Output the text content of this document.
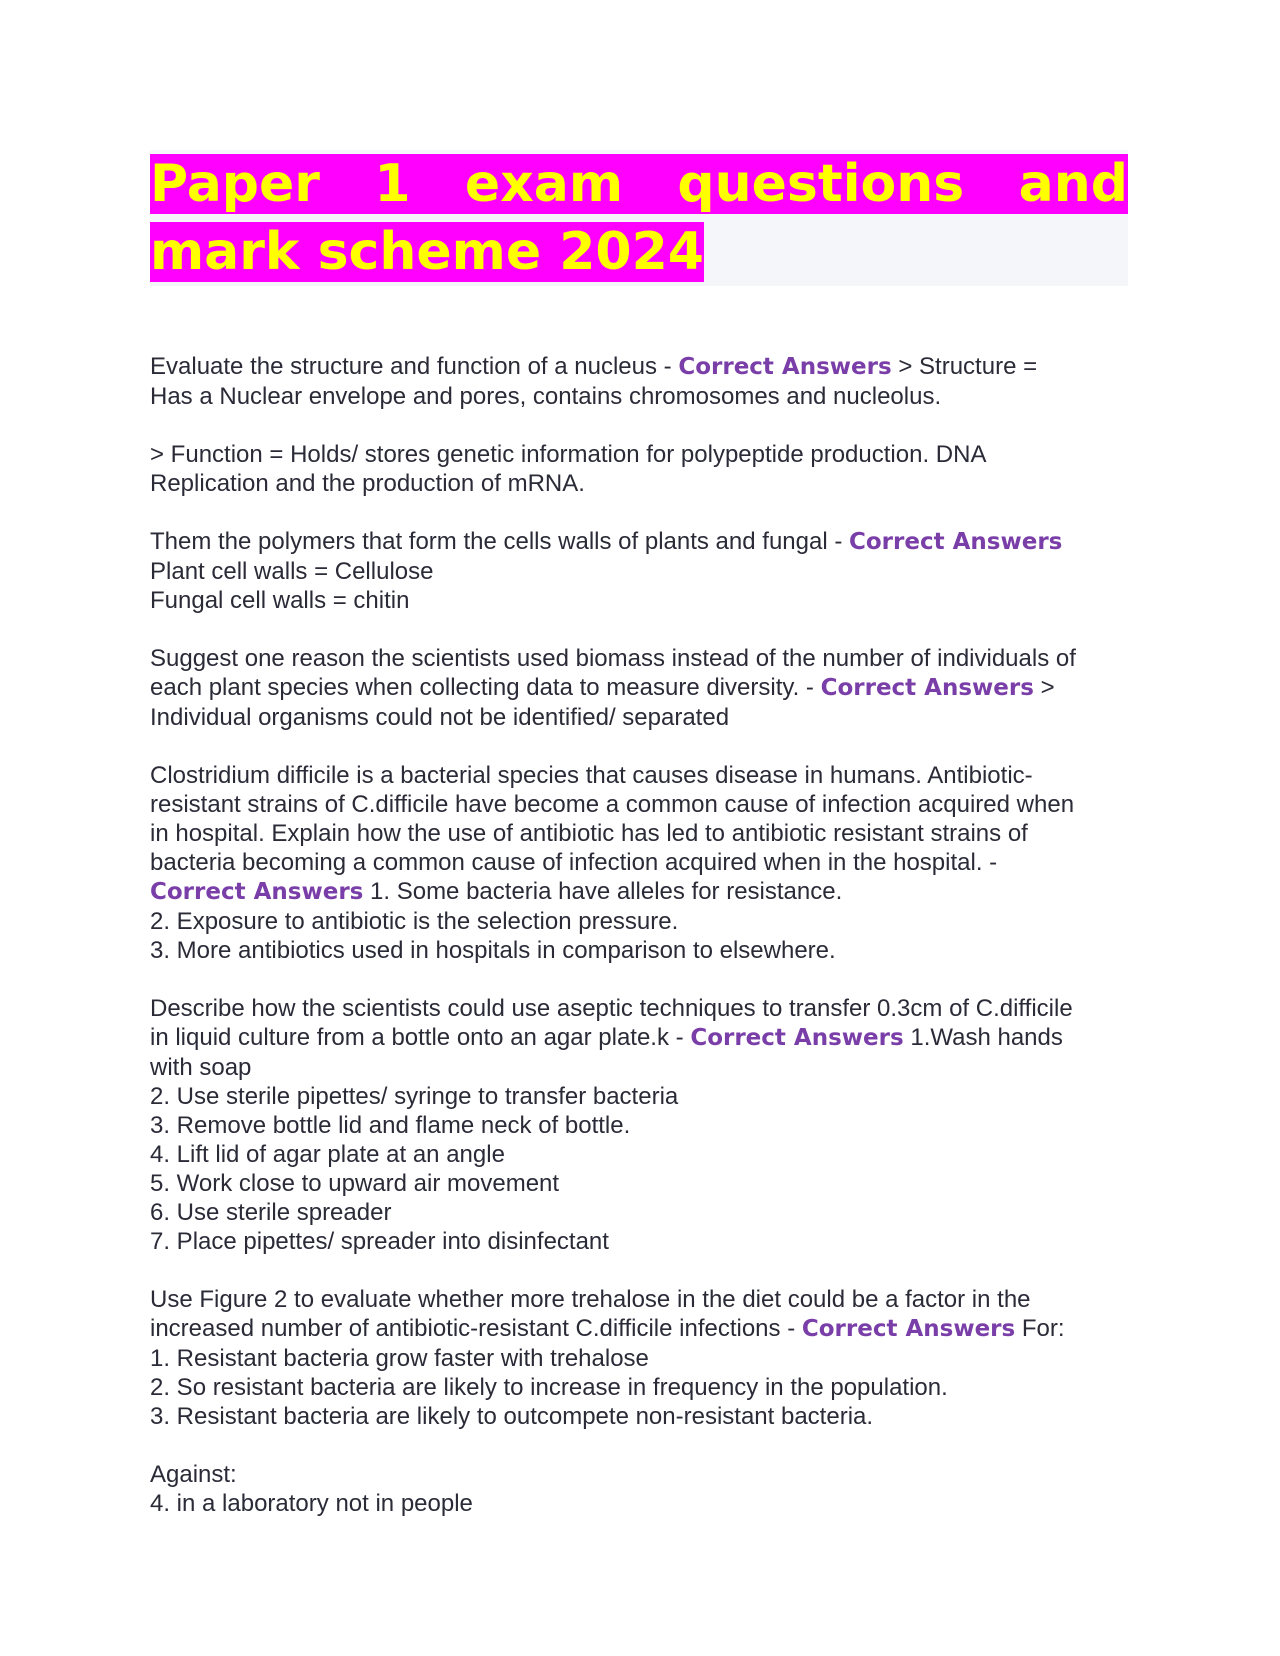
Paper 1 exam questions and mark scheme 2024
Evaluate the structure and function of a nucleus - Correct Answers > Structure =
Has a Nuclear envelope and pores, contains chromosomes and nucleolus.
> Function = Holds/ stores genetic information for polypeptide production. DNA
Replication and the production of mRNA.
Them the polymers that form the cells walls of plants and fungal - Correct Answers
Plant cell walls = Cellulose
Fungal cell walls = chitin
Suggest one reason the scientists used biomass instead of the number of individuals of
each plant species when collecting data to measure diversity. - Correct Answers >
Individual organisms could not be identified/ separated
Clostridium difficile is a bacterial species that causes disease in humans. Antibiotic-
resistant strains of C.difficile have become a common cause of infection acquired when
in hospital. Explain how the use of antibiotic has led to antibiotic resistant strains of
bacteria becoming a common cause of infection acquired when in the hospital. -
Correct Answers 1. Some bacteria have alleles for resistance.
2. Exposure to antibiotic is the selection pressure.
3. More antibiotics used in hospitals in comparison to elsewhere.
Describe how the scientists could use aseptic techniques to transfer 0.3cm of C.difficile
in liquid culture from a bottle onto an agar plate.k - Correct Answers 1.Wash hands
with soap
2. Use sterile pipettes/ syringe to transfer bacteria
3. Remove bottle lid and flame neck of bottle.
4. Lift lid of agar plate at an angle
5. Work close to upward air movement
6. Use sterile spreader
7. Place pipettes/ spreader into disinfectant
Use Figure 2 to evaluate whether more trehalose in the diet could be a factor in the
increased number of antibiotic-resistant C.difficile infections - Correct Answers For:
1. Resistant bacteria grow faster with trehalose
2. So resistant bacteria are likely to increase in frequency in the population.
3. Resistant bacteria are likely to outcompete non-resistant bacteria.
Against:
4. in a laboratory not in people
